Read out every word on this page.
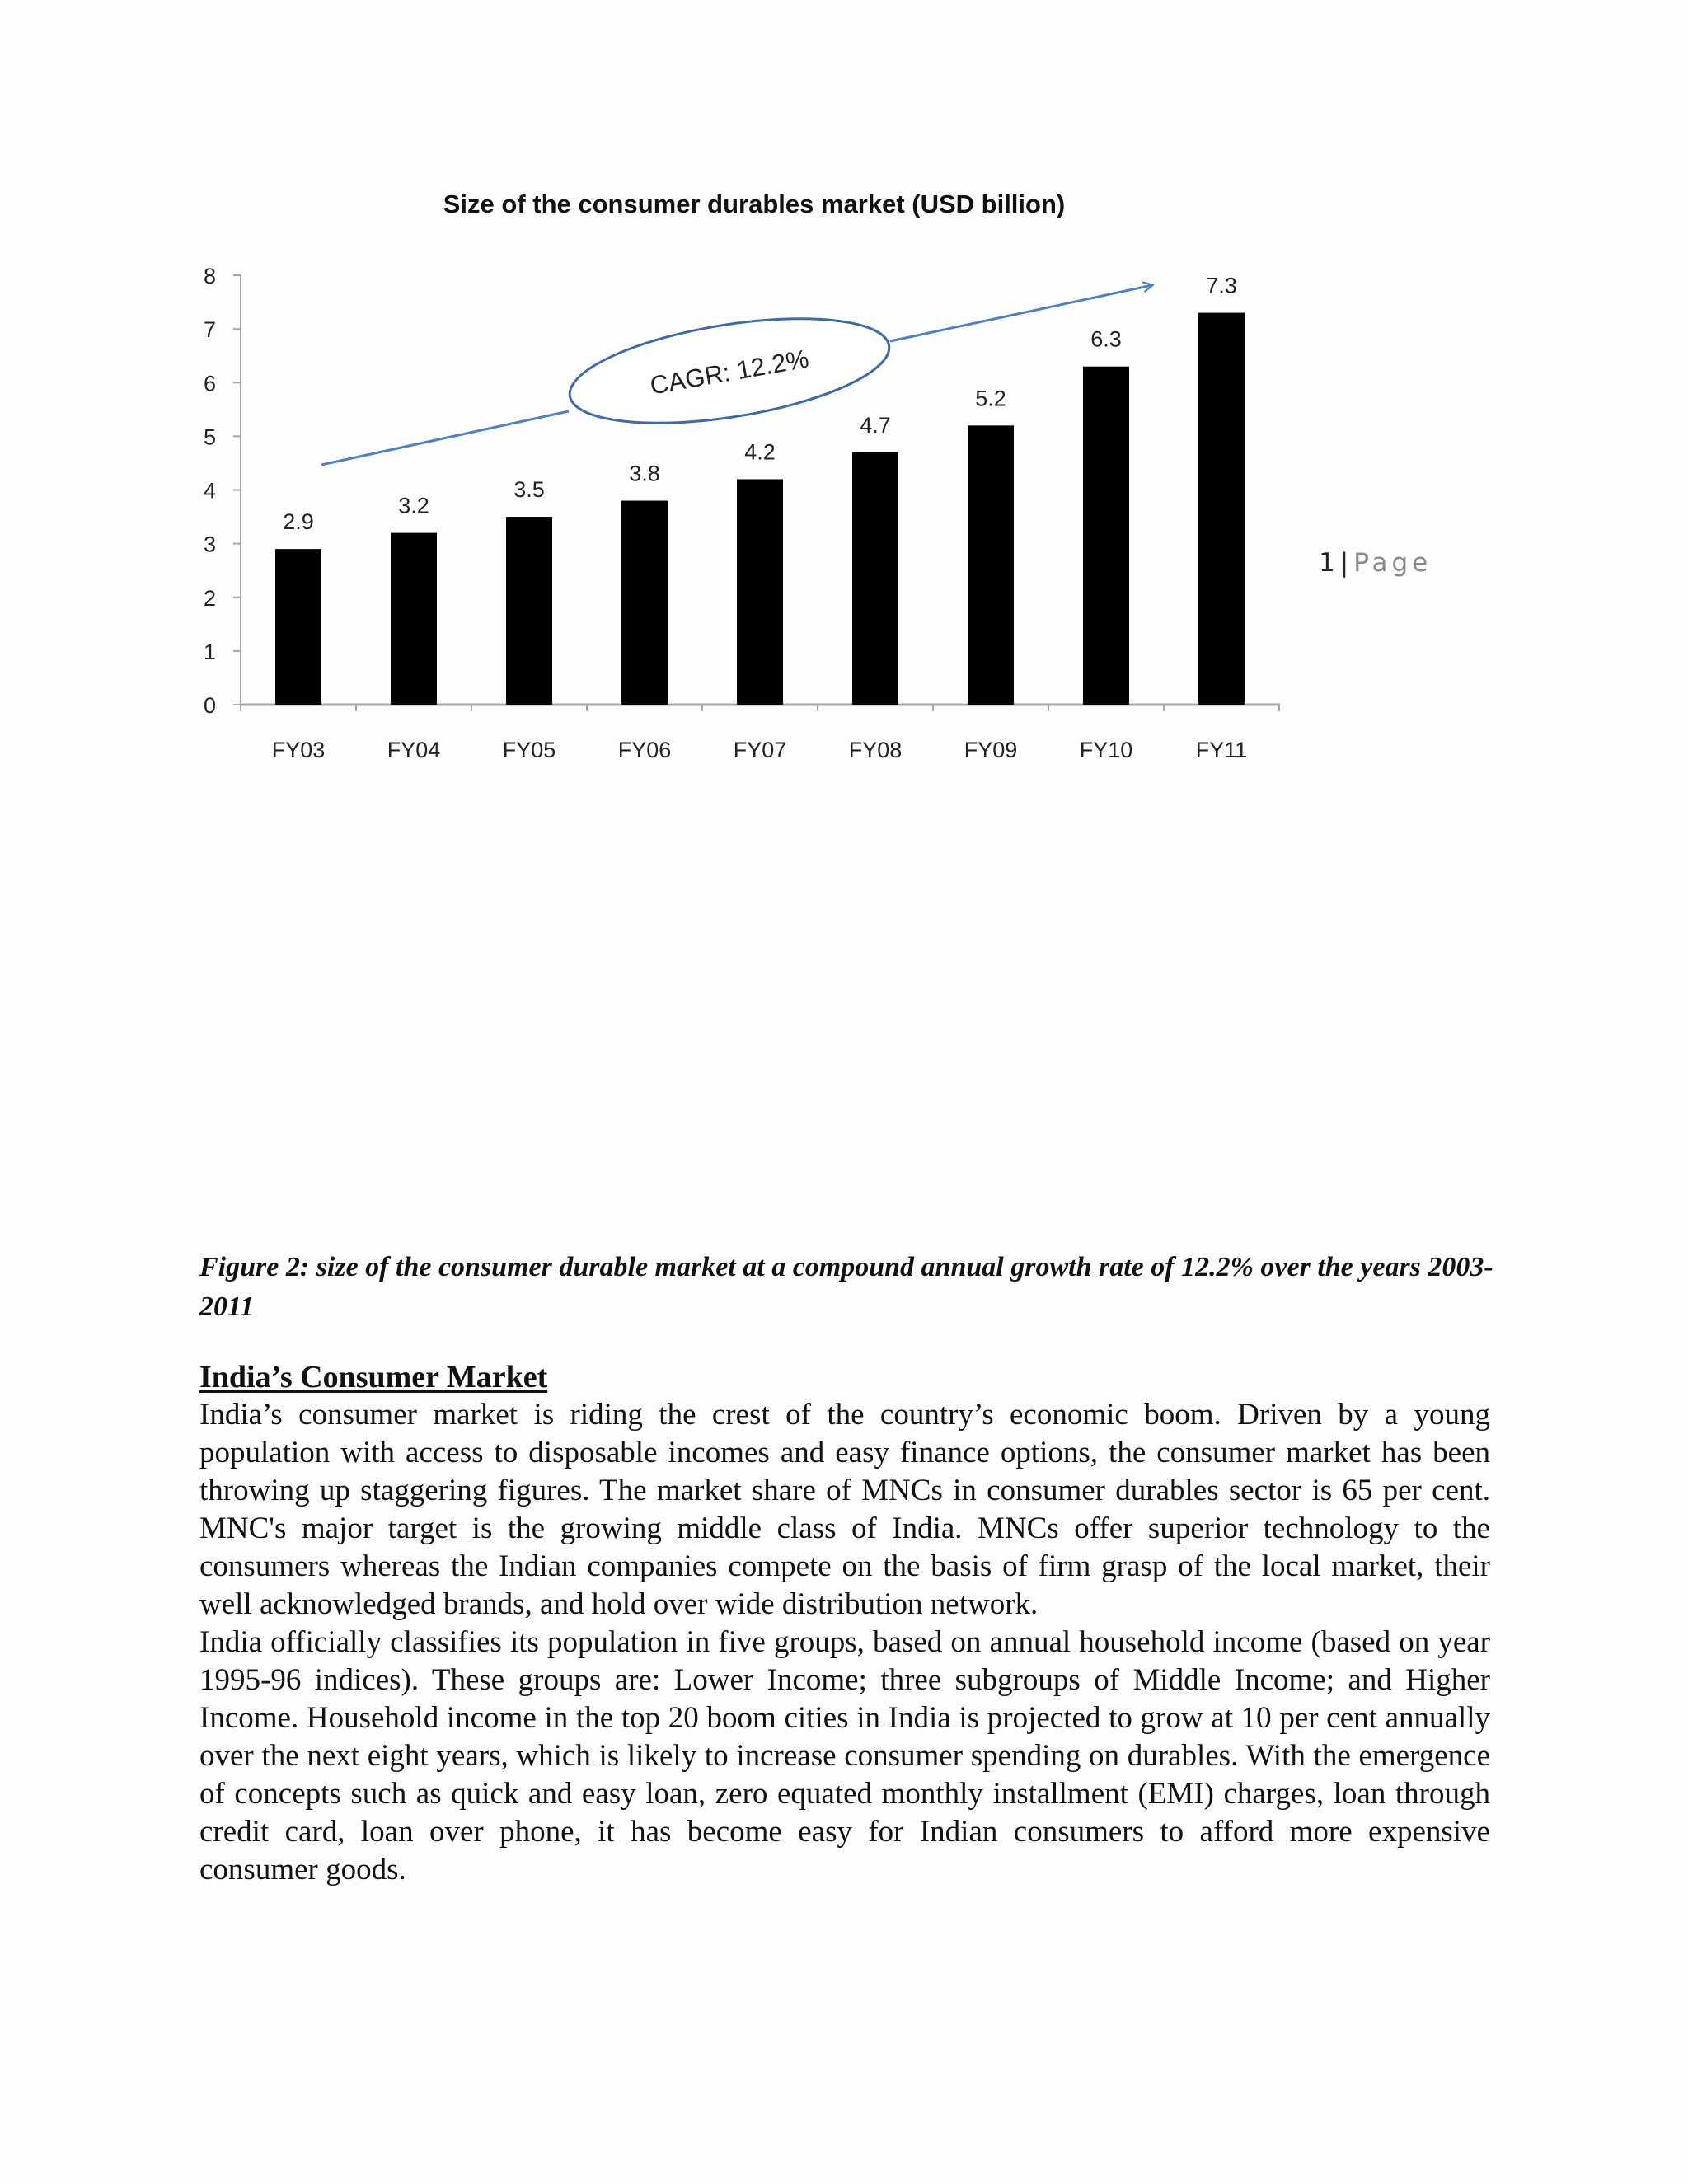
Size of the consumer durables market (USD billion)
0
1
2
3
4
5
6
7
8
FY03	FY04	FY05	FY06	FY07	FY08	FY09	FY10	FY11
2.9
3.2
3.5
3.8
4.2
4.7
5.2
6.3
7.3
CAGR: 12.2%
1 | Page

Figure 2: size of the consumer durable market at a compound annual growth rate of 12.2% over the years 2003- 2011

India’s Consumer Market

India’s consumer market is riding the crest of the country’s economic boom. Driven by a young population with access to disposable incomes and easy finance options, the consumer market has been throwing up staggering figures. The market share of MNCs in consumer durables sector is 65 per cent. MNC's major target is the growing middle class of India. MNCs offer superior technology to the consumers whereas the Indian companies compete on the basis of firm grasp of the local market, their well acknowledged brands, and hold over wide distribution network.

India officially classifies its population in five groups, based on annual household income (based on year 1995-96 indices). These groups are: Lower Income; three subgroups of Middle Income; and Higher Income. Household income in the top 20 boom cities in India is projected to grow at 10 per cent annually over the next eight years, which is likely to increase consumer spending on durables. With the emergence of concepts such as quick and easy loan, zero equated monthly installment (EMI) charges, loan through credit card, loan over phone, it has become easy for Indian consumers to afford more expensive consumer goods.
